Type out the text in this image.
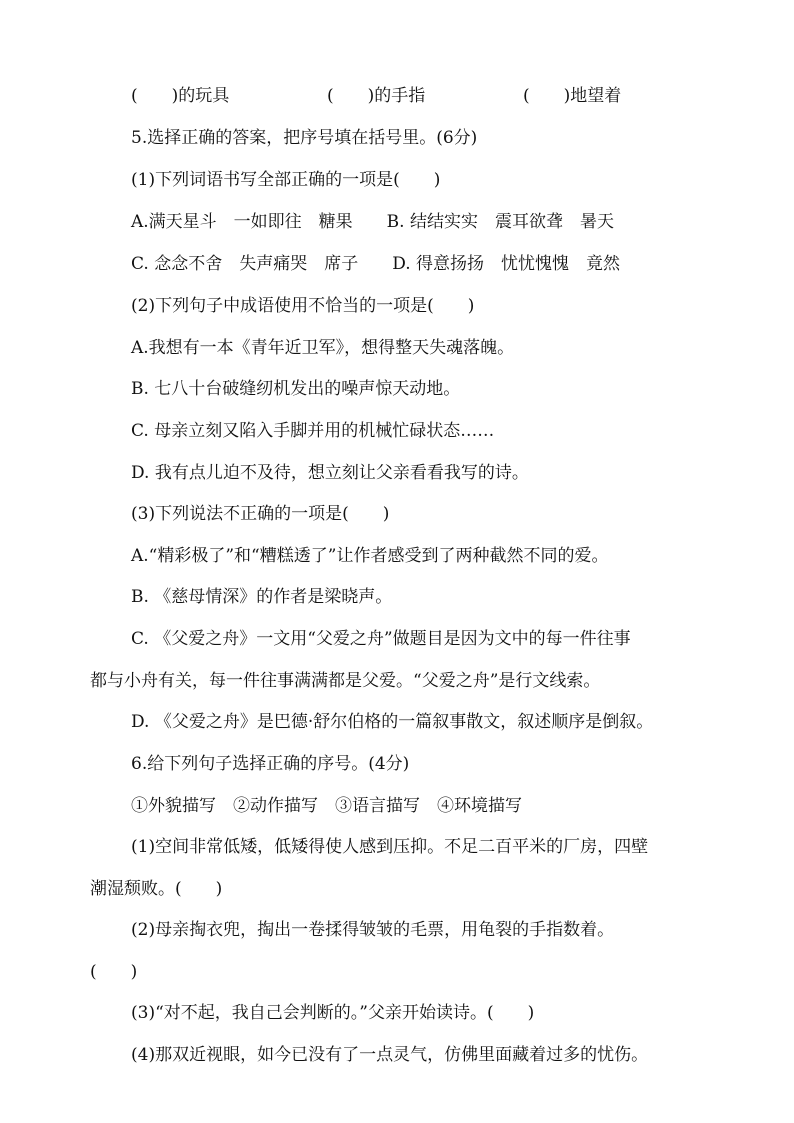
(　　)的玩具	(　　)的手指	(　　)地望着
5.选择正确的答案，把序号填在括号里。(6分)
(1)下列词语书写全部正确的一项是(　　)
A.满天星斗　一如即往　糖果　　B. 结结实实　震耳欲聋　暑天
C. 念念不舍　失声痛哭　席子　　D. 得意扬扬　忧忧愧愧　竟然
(2)下列句子中成语使用不恰当的一项是(　　)
A.我想有一本《青年近卫军》，想得整天失魂落魄。
B. 七八十台破缝纫机发出的噪声惊天动地。
C. 母亲立刻又陷入手脚并用的机械忙碌状态……
D. 我有点儿迫不及待，想立刻让父亲看看我写的诗。
(3)下列说法不正确的一项是(　　)
A.“精彩极了”和“糟糕透了”让作者感受到了两种截然不同的爱。
B. 《慈母情深》的作者是梁晓声。
C. 《父爱之舟》一文用“父爱之舟”做题目是因为文中的每一件往事
都与小舟有关，每一件往事满满都是父爱。“父爱之舟”是行文线索。
D. 《父爱之舟》是巴德·舒尔伯格的一篇叙事散文，叙述顺序是倒叙。
6.给下列句子选择正确的序号。(4分)
①外貌描写　②动作描写　③语言描写　④环境描写
(1)空间非常低矮，低矮得使人感到压抑。不足二百平米的厂房，四壁
潮湿颓败。(　　)
(2)母亲掏衣兜，掏出一卷揉得皱皱的毛票，用龟裂的手指数着。
(　　)
(3)“对不起，我自己会判断的。”父亲开始读诗。(　　)
(4)那双近视眼，如今已没有了一点灵气，仿佛里面藏着过多的忧伤。
